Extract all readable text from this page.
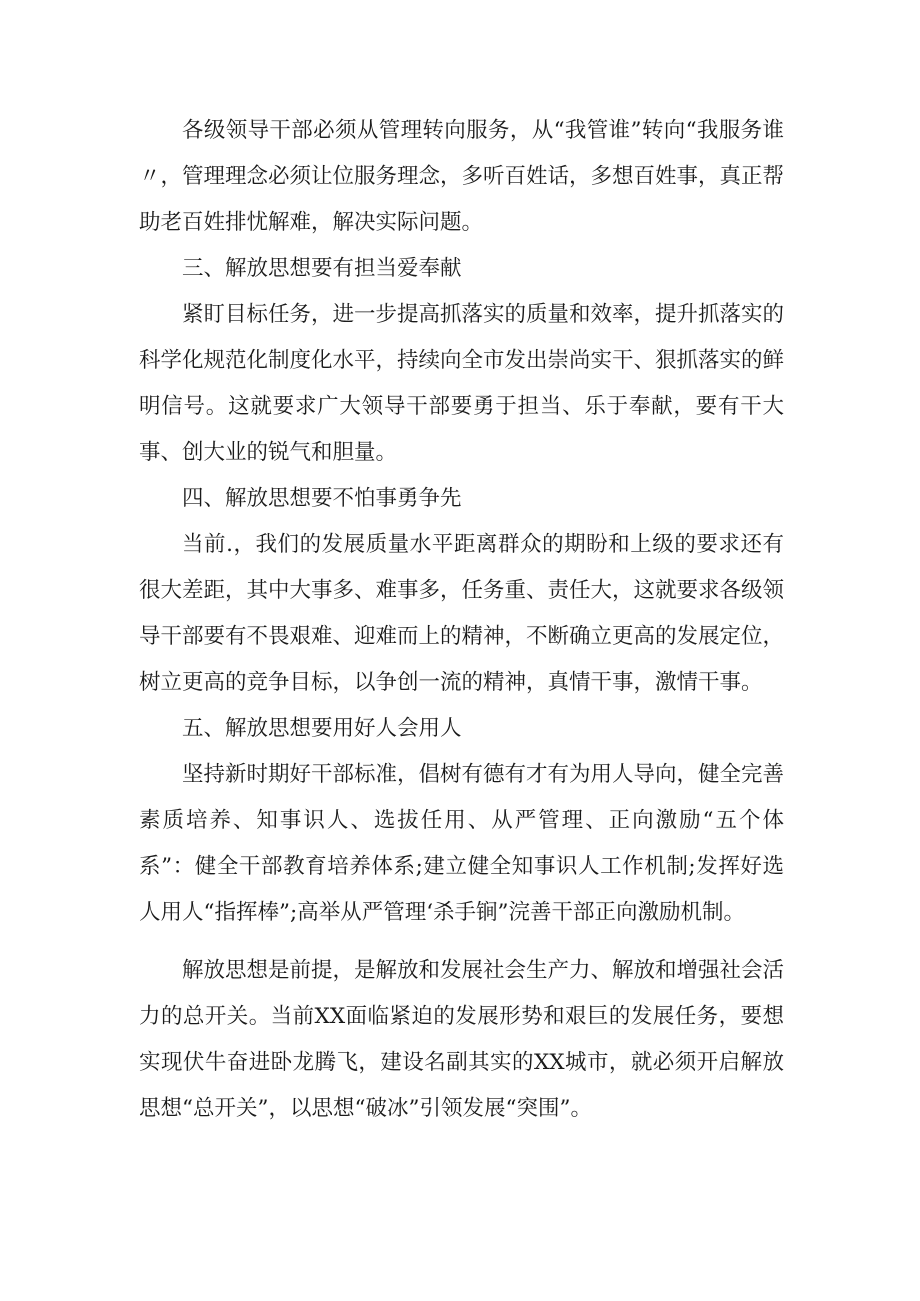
各级领导干部必须从管理转向服务，从“我管谁”转向“我服务谁〃，管理理念必须让位服务理念，多听百姓话，多想百姓事，真正帮助老百姓排忧解难，解决实际问题。

三、解放思想要有担当爱奉献

紧盯目标任务，进一步提高抓落实的质量和效率，提升抓落实的科学化规范化制度化水平，持续向全市发出崇尚实干、狠抓落实的鲜明信号。这就要求广大领导干部要勇于担当、乐于奉献，要有干大事、创大业的锐气和胆量。

四、解放思想要不怕事勇争先

当前.，我们的发展质量水平距离群众的期盼和上级的要求还有很大差距，其中大事多、难事多，任务重、责任大，这就要求各级领导干部要有不畏艰难、迎难而上的精神，不断确立更高的发展定位，树立更高的竞争目标，以争创一流的精神，真情干事，激情干事。

五、解放思想要用好人会用人

坚持新时期好干部标准，倡树有德有才有为用人导向，健全完善素质培养、知事识人、选拔任用、从严管理、正向激励“五个体系”：健全干部教育培养体系;建立健全知事识人工作机制;发挥好选人用人“指挥棒”;高举从严管理‘杀手锏”浣善干部正向激励机制。

解放思想是前提，是解放和发展社会生产力、解放和增强社会活力的总开关。当前XX面临紧迫的发展形势和艰巨的发展任务，要想实现伏牛奋进卧龙腾飞，建设名副其实的XX城市，就必须开启解放思想“总开关”，以思想“破冰”引领发展“突围”。
